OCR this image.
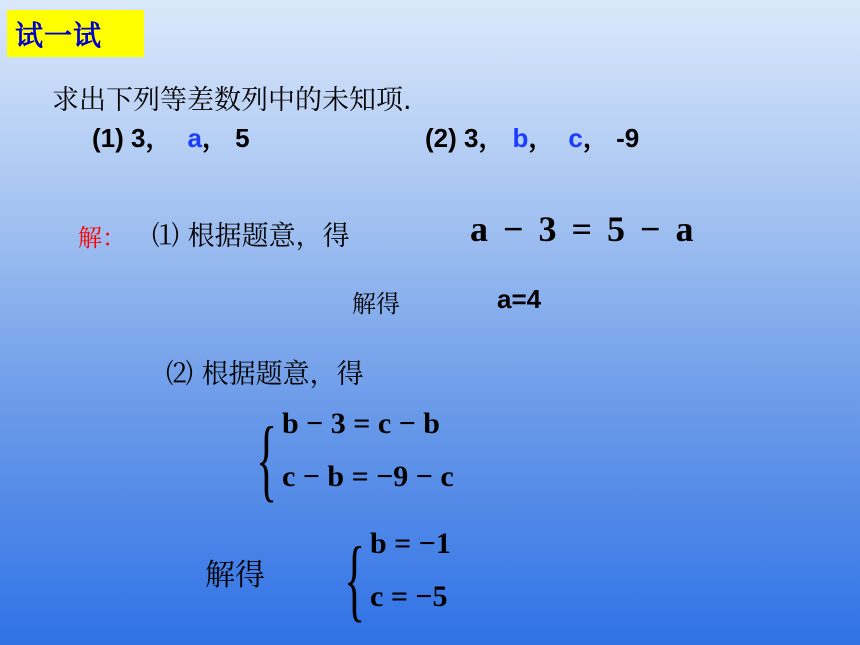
试一试
求出下列等差数列中的未知项.
(1) 3， a， 5	(2) 3， b， c， -9
解： ⑴ 根据题意，得	a − 3 = 5 − a
解得	a=4
⑵ 根据题意，得
{ b − 3 = c − b
c − b = −9 − c
解得 { b = −1
c = −5
